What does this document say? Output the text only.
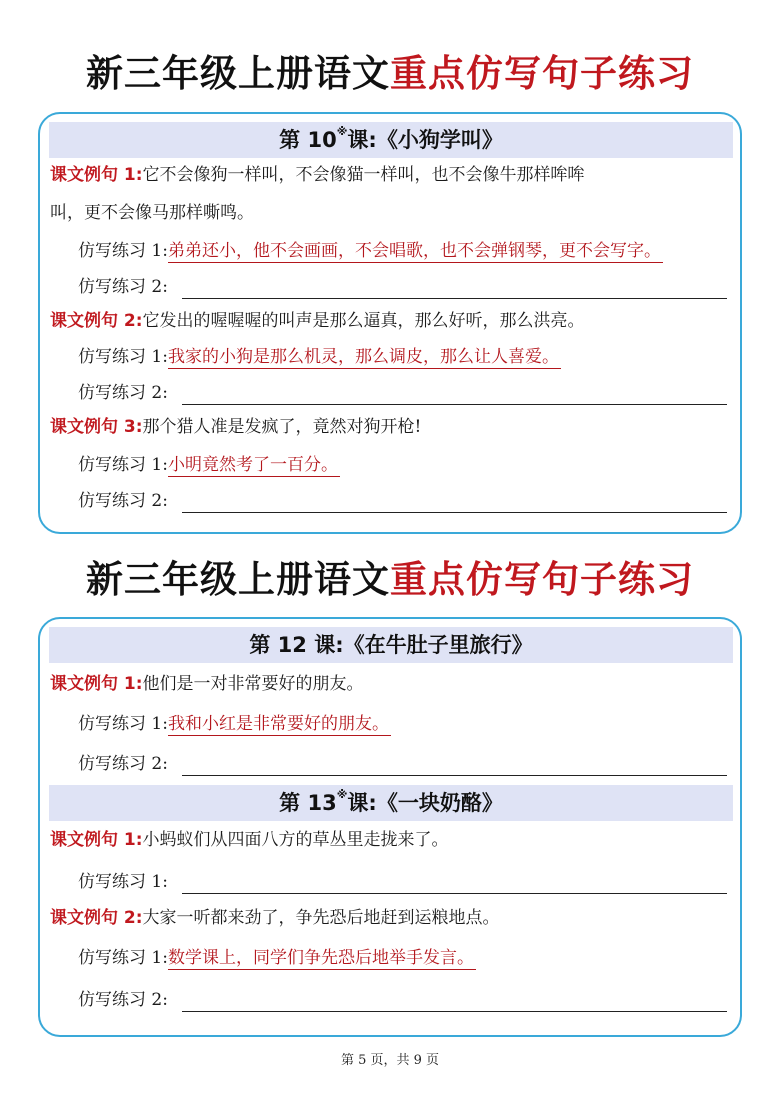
新三年级上册语文重点仿写句子练习
第 10※课:《小狗学叫》
课文例句 1:它不会像狗一样叫，不会像猫一样叫，也不会像牛那样哞哞
叫，更不会像马那样嘶鸣。
仿写练习 1:弟弟还小，他不会画画，不会唱歌，也不会弹钢琴，更不会写字。
仿写练习 2:
课文例句 2:它发出的喔喔喔的叫声是那么逼真，那么好听，那么洪亮。
仿写练习 1:我家的小狗是那么机灵，那么调皮，那么让人喜爱。
仿写练习 2:
课文例句 3:那个猎人准是发疯了，竟然对狗开枪!
仿写练习 1:小明竟然考了一百分。
仿写练习 2:
新三年级上册语文重点仿写句子练习
第 12 课:《在牛肚子里旅行》
课文例句 1:他们是一对非常要好的朋友。
仿写练习 1:我和小红是非常要好的朋友。
仿写练习 2:
第 13※课:《一块奶酪》
课文例句 1:小蚂蚁们从四面八方的草丛里走拢来了。
仿写练习 1:
课文例句 2:大家一听都来劲了，争先恐后地赶到运粮地点。
仿写练习 1:数学课上，同学们争先恐后地举手发言。
仿写练习 2:
第 5 页，共 9 页
